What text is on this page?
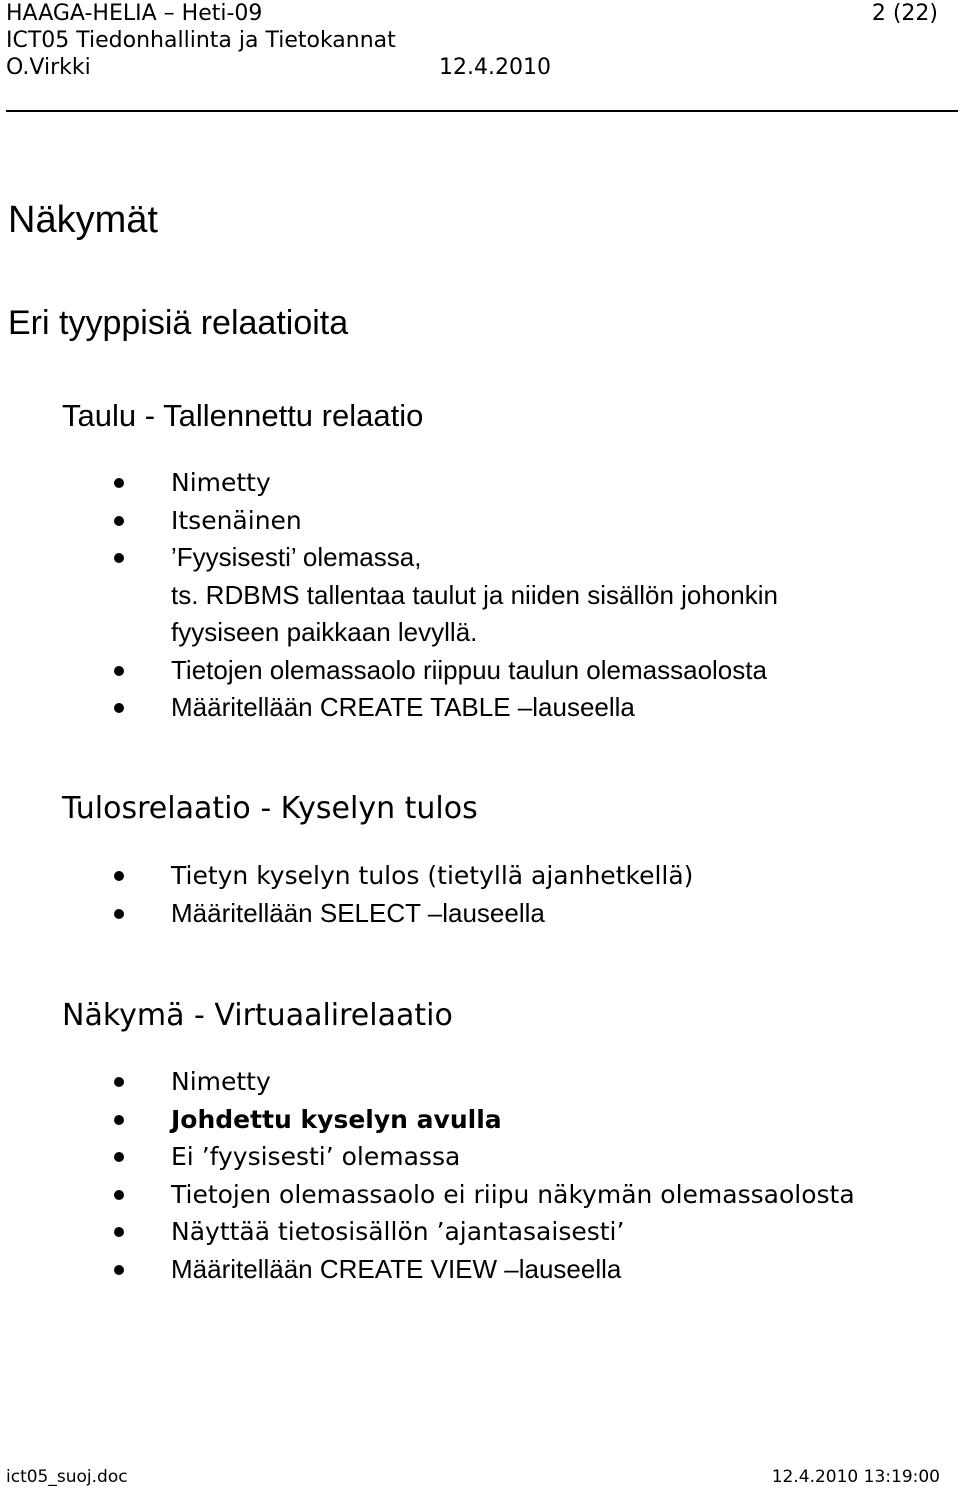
HAAGA-HELIA – Heti-09	2 (22)
ICT05 Tiedonhallinta ja Tietokannat
O.Virkki	12.4.2010
Näkymät
Eri tyyppisiä relaatioita
Taulu - Tallennettu relaatio
Nimetty
Itsenäinen
’Fyysisesti’ olemassa,
ts. RDBMS tallentaa taulut ja niiden sisällön johonkin
fyysiseen paikkaan levyllä.
Tietojen olemassaolo riippuu taulun olemassaolosta
Määritellään CREATE TABLE –lauseella
Tulosrelaatio - Kyselyn tulos
Tietyn kyselyn tulos (tietyllä ajanhetkellä)
Määritellään SELECT –lauseella
Näkymä - Virtuaalirelaatio
Nimetty
Johdettu kyselyn avulla
Ei ’fyysisesti’ olemassa
Tietojen olemassaolo ei riipu näkymän olemassaolosta
Näyttää tietosisällön ’ajantasaisesti’
Määritellään CREATE VIEW –lauseella
ict05_suoj.doc	12.4.2010 13:19:00
